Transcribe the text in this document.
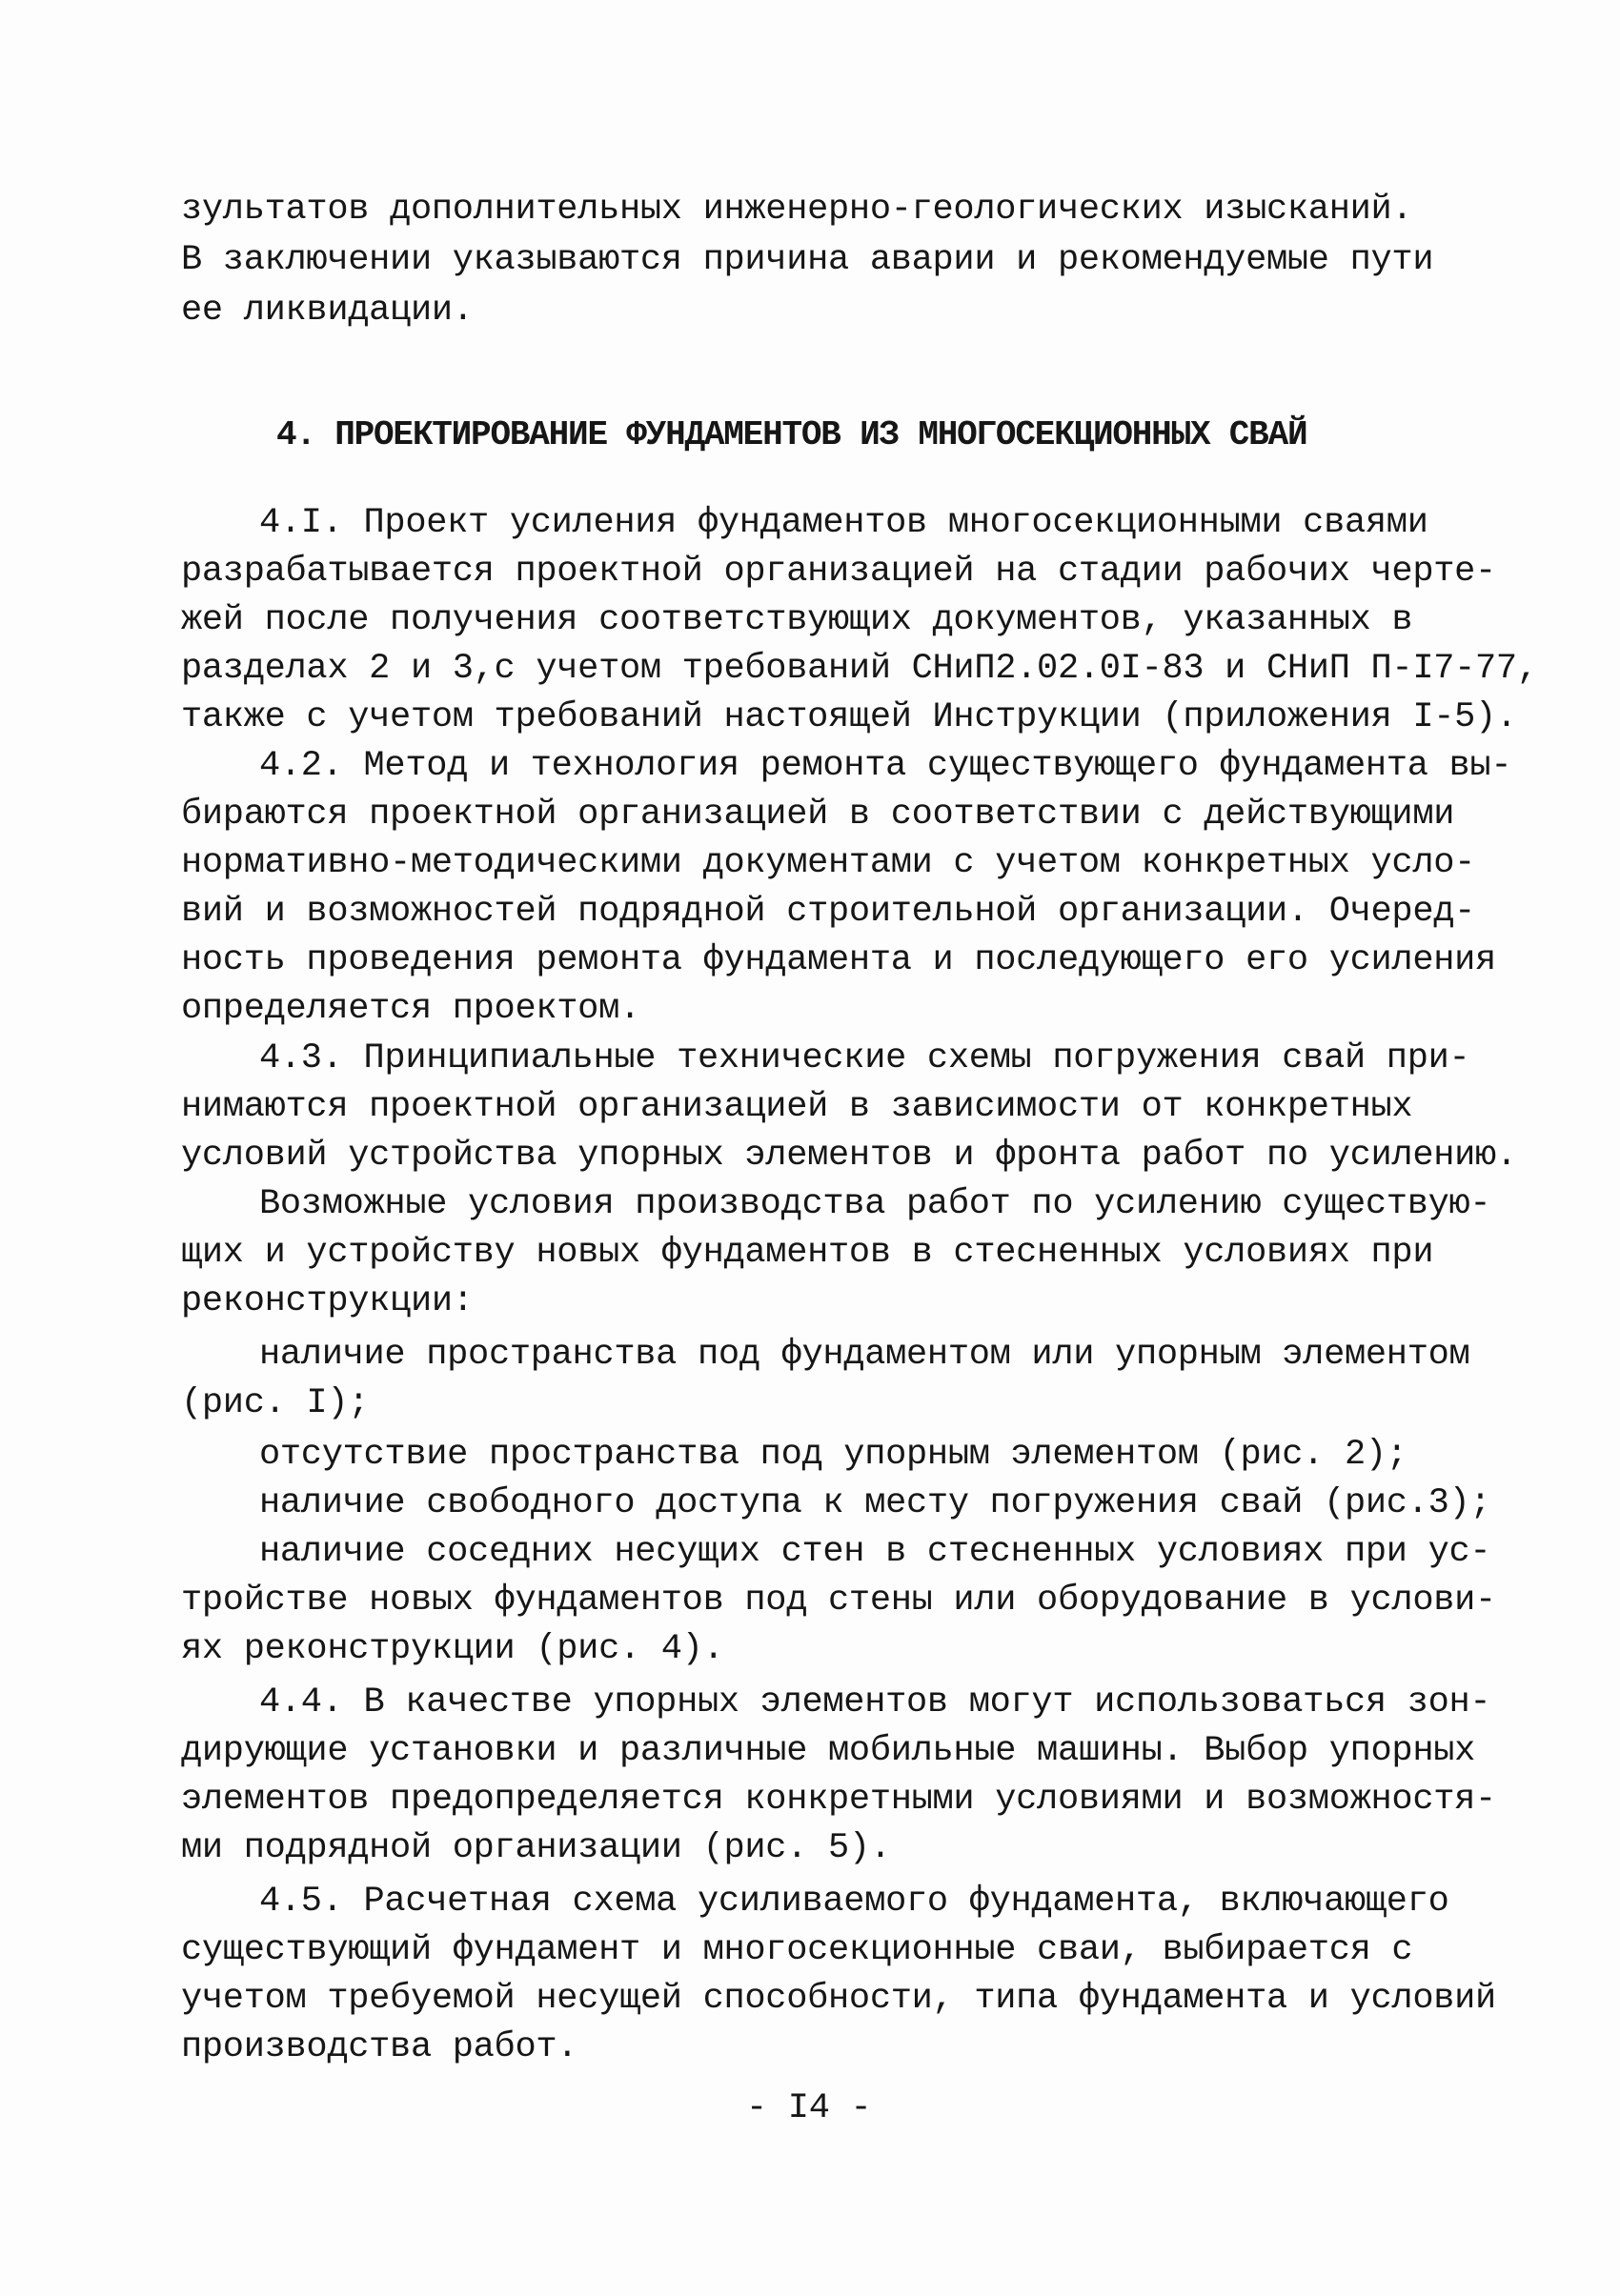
зультатов дополнительных инженерно-геологических изысканий.

В заключении указываются причина аварии и рекомендуемые пути

ее ликвидации.

4. ПРОЕКТИРОВАНИЕ ФУНДАМЕНТОВ ИЗ МНОГОСЕКЦИОННЫХ СВАЙ

4.I. Проект усиления фундаментов многосекционными сваями

разрабатывается проектной организацией на стадии рабочих черте-

жей после получения соответствующих документов, указанных в

разделах 2 и 3,с учетом требований СНиП2.02.0I-83 и СНиП П-I7-77,

также с учетом требований настоящей Инструкции (приложения I-5).

4.2. Метод и технология ремонта существующего фундамента вы-

бираются проектной организацией в соответствии с действующими

нормативно-методическими документами с учетом конкретных усло-

вий и возможностей подрядной строительной организации. Очеред-

ность проведения ремонта фундамента и последующего его усиления

определяется проектом.

4.3. Принципиальные технические схемы погружения свай при-

нимаются проектной организацией в зависимости от конкретных

условий устройства упорных элементов и фронта работ по усилению.

Возможные условия производства работ по усилению существую-

щих и устройству новых фундаментов в стесненных условиях при

реконструкции:

наличие пространства под фундаментом или упорным элементом

(рис. I);

отсутствие пространства под упорным элементом (рис. 2);

наличие свободного доступа к месту погружения свай (рис.3);

наличие соседних несущих стен в стесненных условиях при ус-

тройстве новых фундаментов под стены или оборудование в услови-

ях реконструкции (рис. 4).

4.4. В качестве упорных элементов могут использоваться зон-

дирующие установки и различные мобильные машины. Выбор упорных

элементов предопределяется конкретными условиями и возможностя-

ми подрядной организации (рис. 5).

4.5. Расчетная схема усиливаемого фундамента, включающего

существующий фундамент и многосекционные сваи, выбирается с

учетом требуемой несущей способности, типа фундамента и условий

производства работ.

- I4 -
